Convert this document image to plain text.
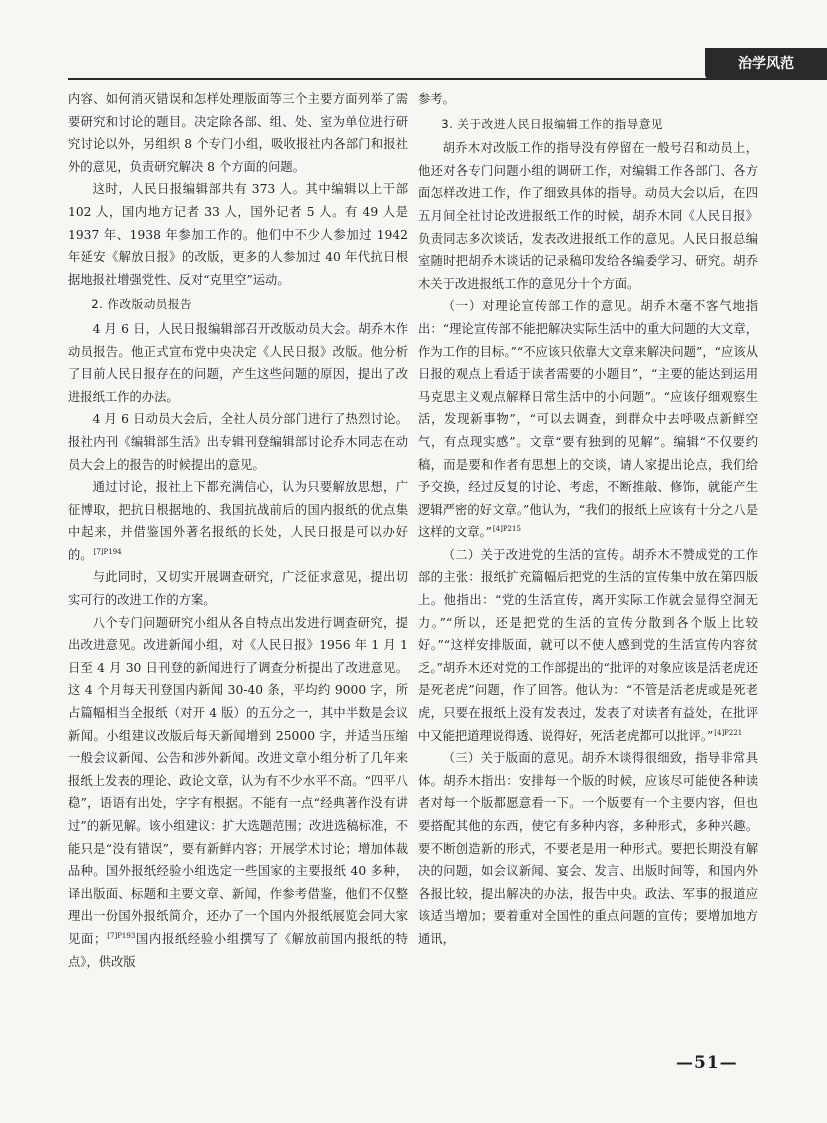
治学风范

内容、如何消灭错误和怎样处理版面等三个主要方面列举了需要研究和讨论的题目。决定除各部、组、处、室为单位进行研究讨论以外，另组织 8 个专门小组，吸收报社内各部门和报社外的意见，负责研究解决 8 个方面的问题。

这时，人民日报编辑部共有 373 人。其中编辑以上干部 102 人，国内地方记者 33 人，国外记者 5 人。有 49 人是 1937 年、1938 年参加工作的。他们中不少人参加过 1942 年延安《解放日报》的改版，更多的人参加过 40 年代抗日根据地报社增强党性、反对“克里空”运动。

2. 作改版动员报告

4 月 6 日，人民日报编辑部召开改版动员大会。胡乔木作动员报告。他正式宣布党中央决定《人民日报》改版。他分析了目前人民日报存在的问题，产生这些问题的原因，提出了改进报纸工作的办法。

4 月 6 日动员大会后，全社人员分部门进行了热烈讨论。报社内刊《编辑部生活》出专辑刊登编辑部讨论乔木同志在动员大会上的报告的时候提出的意见。

通过讨论，报社上下都充满信心，认为只要解放思想，广征博取，把抗日根据地的、我国抗战前后的国内报纸的优点集中起来，并借鉴国外著名报纸的长处，人民日报是可以办好的。$^{[7]P194}$

与此同时，又切实开展调查研究，广泛征求意见，提出切实可行的改进工作的方案。

八个专门问题研究小组从各自特点出发进行调查研究，提出改进意见。改进新闻小组，对《人民日报》1956 年 1 月 1 日至 4 月 30 日刊登的新闻进行了调查分析提出了改进意见。这 4 个月每天刊登国内新闻 30-40 条，平均约 9000 字，所占篇幅相当全报纸（对开 4 版）的五分之一，其中半数是会议新闻。小组建议改版后每天新闻增到 25000 字，并适当压缩一般会议新闻、公告和涉外新闻。改进文章小组分析了几年来报纸上发表的理论、政论文章，认为有不少水平不高。“四平八稳”，语语有出处，字字有根据。不能有一点“经典著作没有讲过”的新见解。该小组建议：扩大选题范围；改进选稿标准，不能只是“没有错误”，要有新鲜内容；开展学术讨论；增加体裁品种。国外报纸经验小组选定一些国家的主要报纸 40 多种，译出版面、标题和主要文章、新闻，作参考借鉴，他们不仅整理出一份国外报纸简介，还办了一个国内外报纸展览会同大家见面；$^{[7]P193}$国内报纸经验小组撰写了《解放前国内报纸的特点》，供改版

参考。

3. 关于改进人民日报编辑工作的指导意见

胡乔木对改版工作的指导没有停留在一般号召和动员上，他还对各专门问题小组的调研工作，对编辑工作各部门、各方面怎样改进工作，作了细致具体的指导。动员大会以后，在四五月间全社讨论改进报纸工作的时候，胡乔木同《人民日报》负责同志多次谈话，发表改进报纸工作的意见。人民日报总编室随时把胡乔木谈话的记录稿印发给各编委学习、研究。胡乔木关于改进报纸工作的意见分十个方面。

（一）对理论宣传部工作的意见。胡乔木毫不客气地指出：“理论宣传部不能把解决实际生活中的重大问题的大文章，作为工作的目标。”“不应该只依靠大文章来解决问题”，“应该从日报的观点上看适于读者需要的小题目”，“主要的能达到运用马克思主义观点解释日常生活中的小问题”。“应该仔细观察生活，发现新事物”，“可以去调查，到群众中去呼吸点新鲜空气，有点现实感”。文章“要有独到的见解”。编辑“不仅要约稿，而是要和作者有思想上的交谈，请人家提出论点，我们给予交换，经过反复的讨论、考虑，不断推敲、修饰，就能产生逻辑严密的好文章。”他认为，“我们的报纸上应该有十分之八是这样的文章。”$^{[4]P215}$

（二）关于改进党的生活的宣传。胡乔木不赞成党的工作部的主张：报纸扩充篇幅后把党的生活的宣传集中放在第四版上。他指出：“党的生活宣传，离开实际工作就会显得空洞无力。”“所以，还是把党的生活的宣传分散到各个版上比较好。”“这样安排版面，就可以不使人感到党的生活宣传内容贫乏。”胡乔木还对党的工作部提出的“批评的对象应该是活老虎还是死老虎”问题，作了回答。他认为：“不管是活老虎或是死老虎，只要在报纸上没有发表过，发表了对读者有益处，在批评中又能把道理说得透、说得好，死活老虎都可以批评。”$^{[4]P221}$

（三）关于版面的意见。胡乔木谈得很细致，指导非常具体。胡乔木指出：安排每一个版的时候，应该尽可能使各种读者对每一个版都愿意看一下。一个版要有一个主要内容，但也要搭配其他的东西，使它有多种内容，多种形式，多种兴趣。要不断创造新的形式，不要老是用一种形式。要把长期没有解决的问题，如会议新闻、宴会、发言、出版时间等，和国内外各报比较，提出解决的办法，报告中央。政法、军事的报道应该适当增加；要着重对全国性的重点问题的宣传；要增加地方通讯，

—51—
